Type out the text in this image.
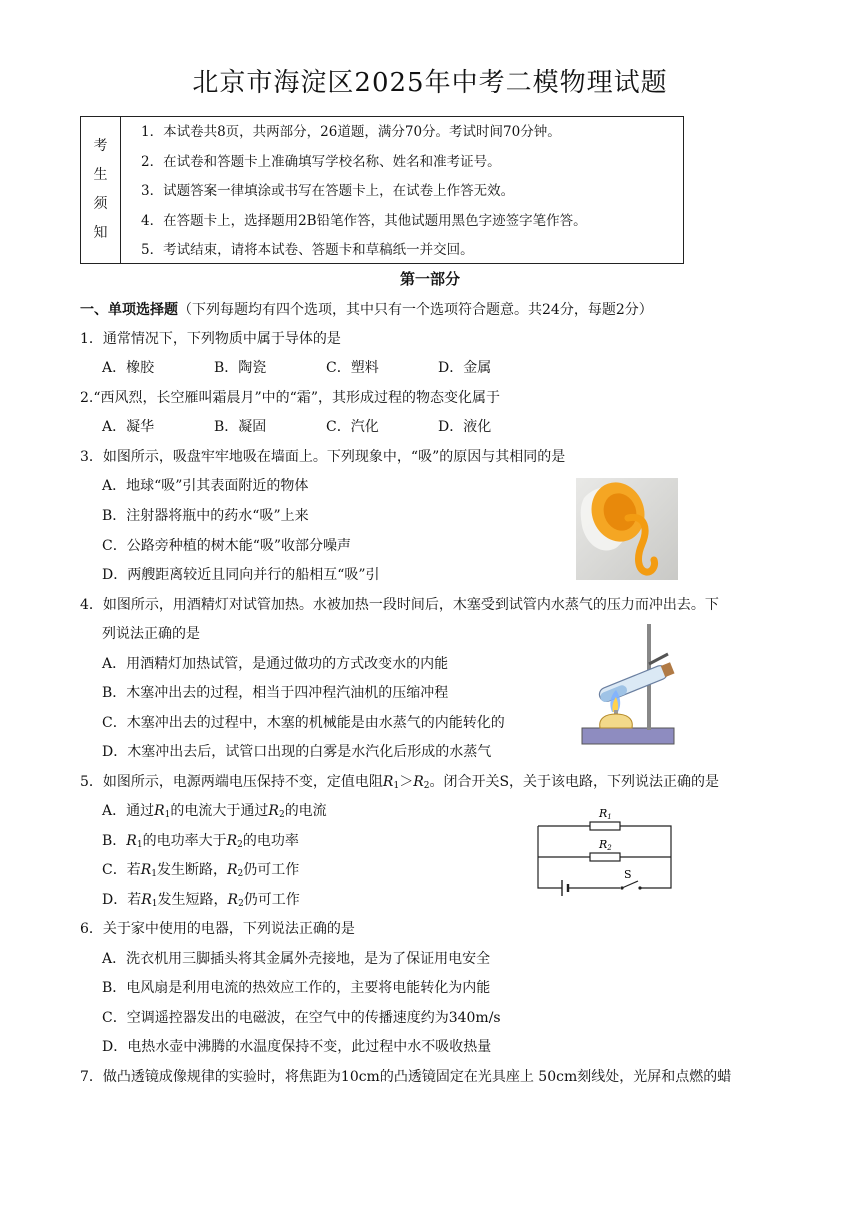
北京市海淀区2025年中考二模物理试题
考
生
须
知
1．本试卷共8页，共两部分，26道题，满分70分。考试时间70分钟。
2．在试卷和答题卡上准确填写学校名称、姓名和准考证号。
3．试题答案一律填涂或书写在答题卡上，在试卷上作答无效。
4．在答题卡上，选择题用2B铅笔作答，其他试题用黑色字迹签字笔作答。
5．考试结束，请将本试卷、答题卡和草稿纸一并交回。
第一部分
一、单项选择题（下列每题均有四个选项，其中只有一个选项符合题意。共24分，每题2分）
1．通常情况下，下列物质中属于导体的是
A．橡胶	B．陶瓷	C．塑料	D．金属
2.“西风烈，长空雁叫霜晨月”中的“霜”，其形成过程的物态变化属于
A．凝华	B．凝固	C．汽化	D．液化
3．如图所示，吸盘牢牢地吸在墙面上。下列现象中，“吸”的原因与其相同的是
A．地球“吸”引其表面附近的物体
B．注射器将瓶中的药水“吸”上来
C．公路旁种植的树木能“吸”收部分噪声
D．两艘距离较近且同向并行的船相互“吸”引
4．如图所示，用酒精灯对试管加热。水被加热一段时间后，木塞受到试管内水蒸气的压力而冲出去。下
列说法正确的是
A．用酒精灯加热试管，是通过做功的方式改变水的内能
B．木塞冲出去的过程，相当于四冲程汽油机的压缩冲程
C．木塞冲出去的过程中，木塞的机械能是由水蒸气的内能转化的
D．木塞冲出去后，试管口出现的白雾是水汽化后形成的水蒸气
5．如图所示，电源两端电压保持不变，定值电阻$R_1>R_2$。闭合开关S，关于该电路，下列说法正确的是
A．通过$R_1$的电流大于通过$R_2$的电流
B．$R_1$的电功率大于$R_2$的电功率
C．若$R_1$发生断路，$R_2$仍可工作
D．若$R_1$发生短路，$R_2$仍可工作
R1
R2
S
6．关于家中使用的电器，下列说法正确的是
A．洗衣机用三脚插头将其金属外壳接地，是为了保证用电安全
B．电风扇是利用电流的热效应工作的，主要将电能转化为内能
C．空调遥控器发出的电磁波，在空气中的传播速度约为340m/s
D．电热水壶中沸腾的水温度保持不变，此过程中水不吸收热量
7．做凸透镜成像规律的实验时，将焦距为10cm的凸透镜固定在光具座上 50cm刻线处，光屏和点燃的蜡
